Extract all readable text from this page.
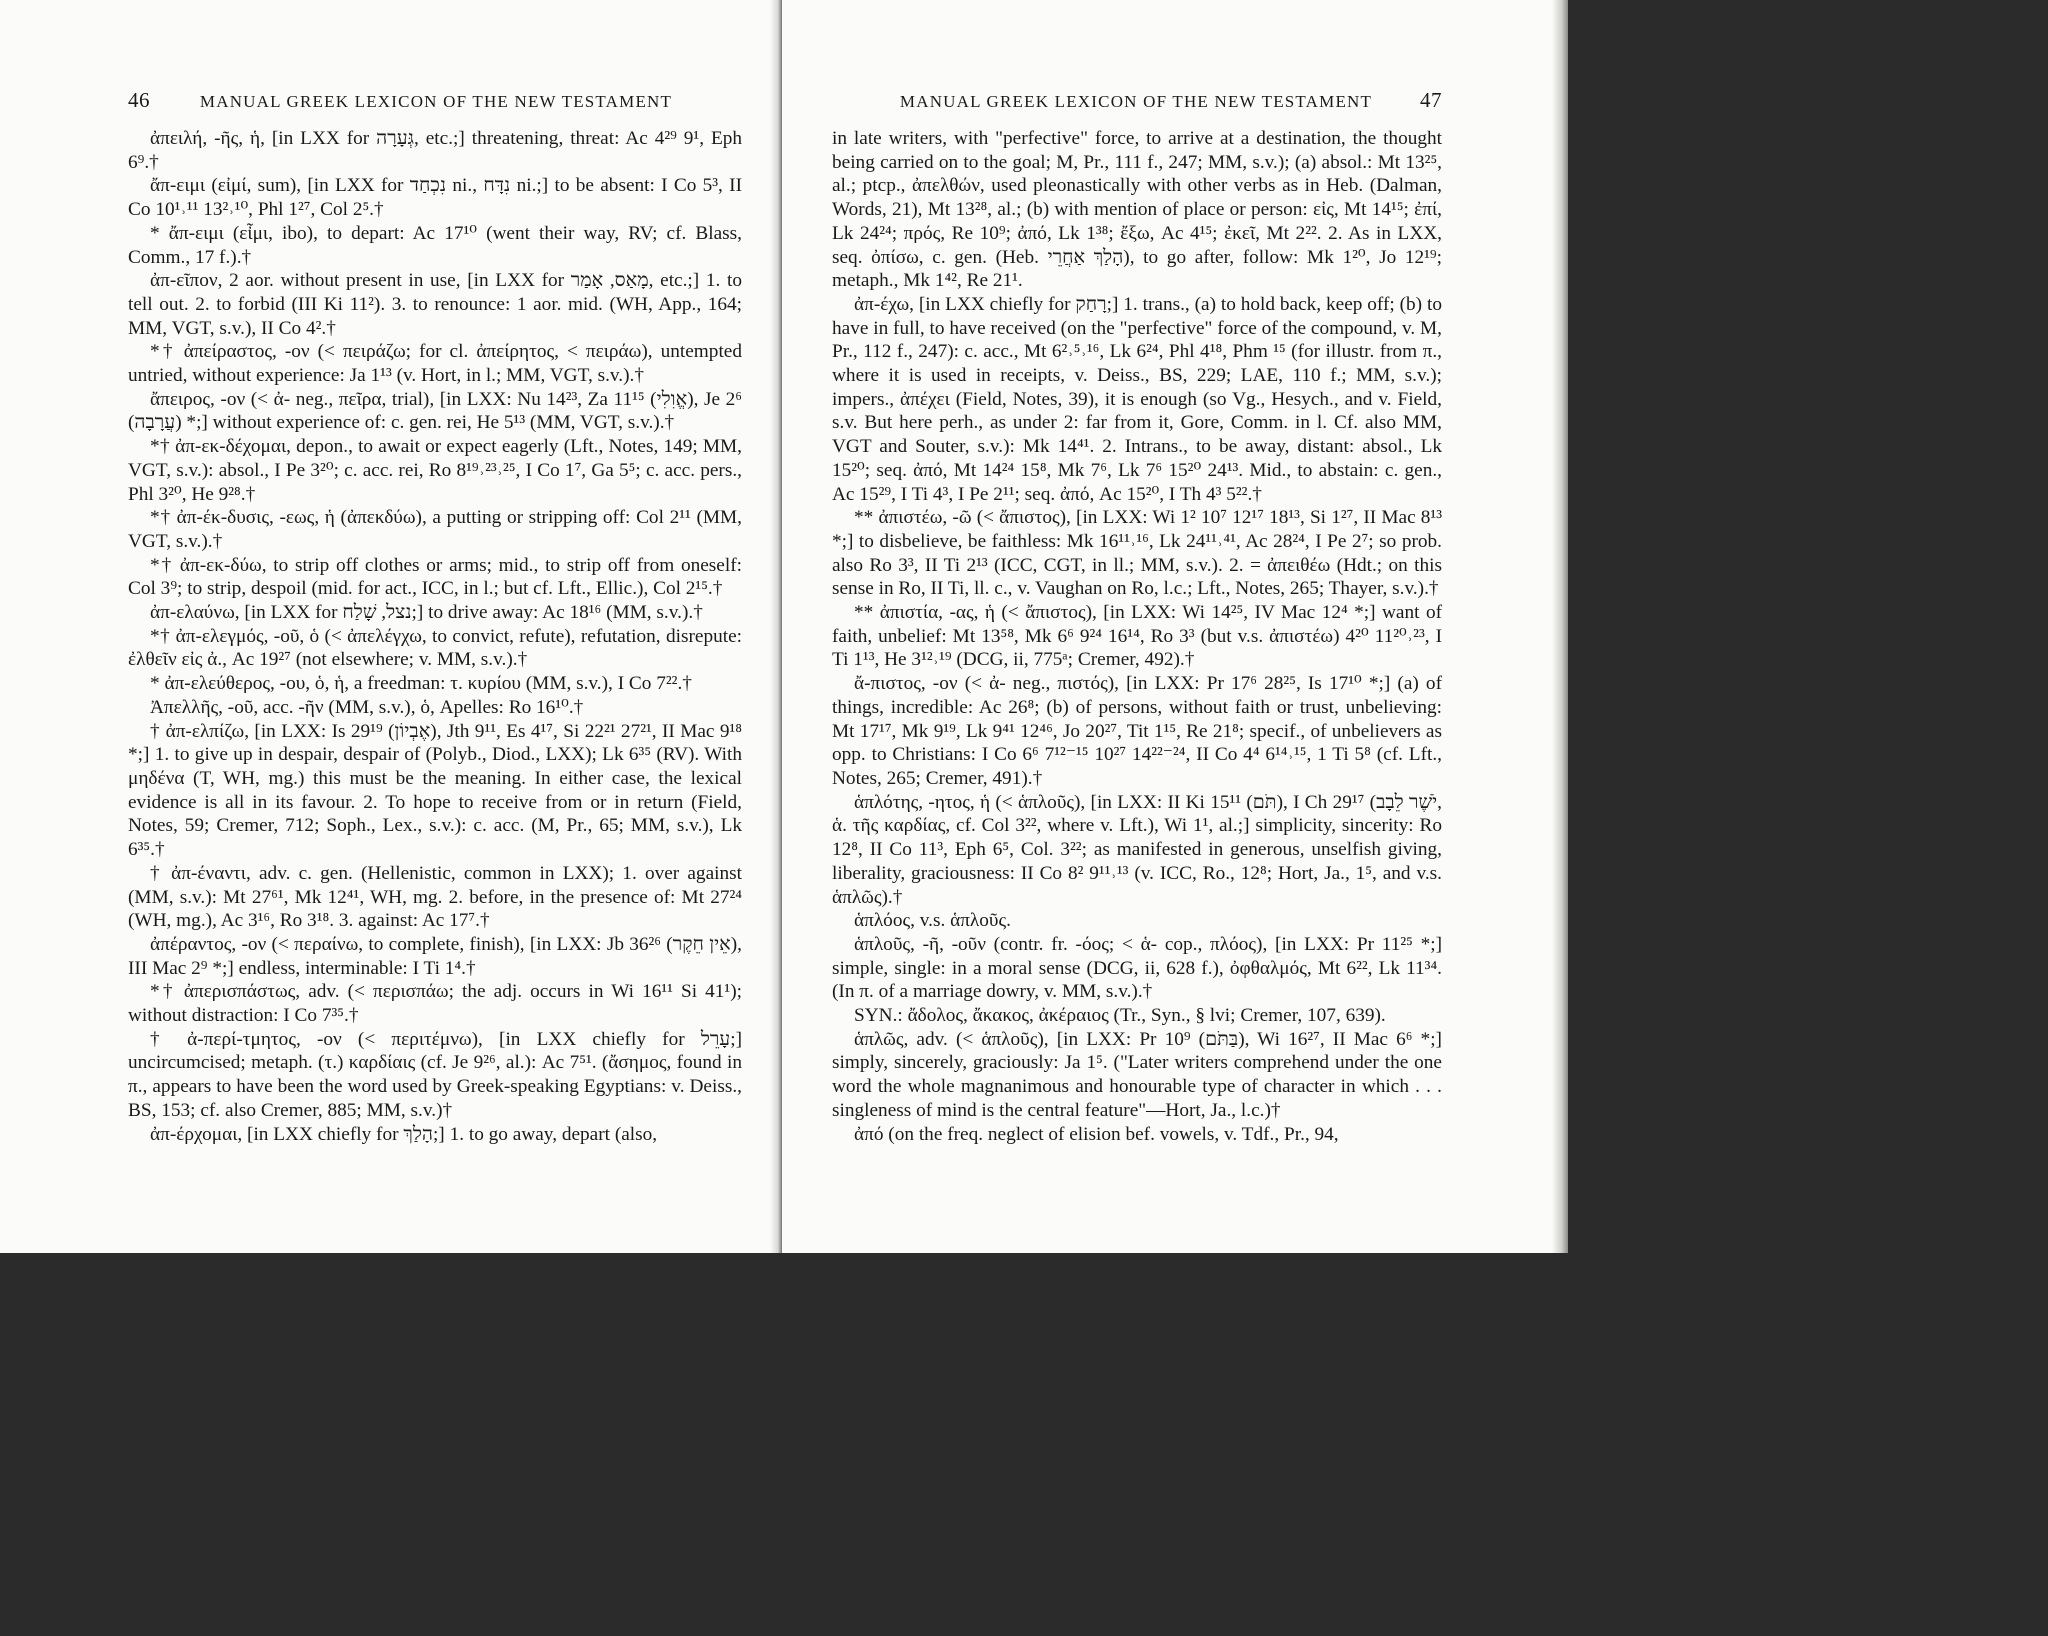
46	MANUAL GREEK LEXICON OF THE NEW TESTAMENT

ἀπειλή, -ῆς, ἡ, [in LXX for גְּעָרָה, etc.;] threatening, threat: Ac 4²⁹ 9¹, Eph 6⁹.†

ἄπ-ειμι (εἰμί, sum), [in LXX for נִכְחַד ni., נִדָּח ni.;] to be absent: I Co 5³, II Co 10¹˒¹¹ 13²˒¹⁰, Phl 1²⁷, Col 2⁵.†

* ἄπ-ειμι (εἶμι, ibo), to depart: Ac 17¹⁰ (went their way, RV; cf. Blass, Comm., 17 f.).†

ἀπ-εῖπον, 2 aor. without present in use, [in LXX for מָאַס, אָמַר, etc.;] 1. to tell out. 2. to forbid (III Ki 11²). 3. to renounce: 1 aor. mid. (WH, App., 164; MM, VGT, s.v.), II Co 4².†

*† ἀπείραστος, -ον (< πειράζω; for cl. ἀπείρητος, < πειράω), untempted untried, without experience: Ja 1¹³ (v. Hort, in l.; MM, VGT, s.v.).†

ἄπειρος, -ον (< ἀ- neg., πεῖρα, trial), [in LXX: Nu 14²³, Za 11¹⁵ (אֱוִלִי), Je 2⁶ (עֲרָבָה) *;] without experience of: c. gen. rei, He 5¹³ (MM, VGT, s.v.).†

*† ἀπ-εκ-δέχομαι, depon., to await or expect eagerly (Lft., Notes, 149; MM, VGT, s.v.): absol., I Pe 3²⁰; c. acc. rei, Ro 8¹⁹˒²³˒²⁵, I Co 1⁷, Ga 5⁵; c. acc. pers., Phl 3²⁰, He 9²⁸.†

*† ἀπ-έκ-δυσις, -εως, ἡ (ἀπεκδύω), a putting or stripping off: Col 2¹¹ (MM, VGT, s.v.).†

*† ἀπ-εκ-δύω, to strip off clothes or arms; mid., to strip off from oneself: Col 3⁹; to strip, despoil (mid. for act., ICC, in l.; but cf. Lft., Ellic.), Col 2¹⁵.†

ἀπ-ελαύνω, [in LXX for נצל, שָׁלַח;] to drive away: Ac 18¹⁶ (MM, s.v.).†

*† ἀπ-ελεγμός, -οῦ, ὁ (< ἀπελέγχω, to convict, refute), refutation, disrepute: ἐλθεῖν εἰς ἀ., Ac 19²⁷ (not elsewhere; v. MM, s.v.).†

* ἀπ-ελεύθερος, -ου, ὁ, ἡ, a freedman: τ. κυρίου (MM, s.v.), I Co 7²².†

Ἀπελλῆς, -οῦ, acc. -ῆν (MM, s.v.), ὁ, Apelles: Ro 16¹⁰.†

† ἀπ-ελπίζω, [in LXX: Is 29¹⁹ (אֶבְיוֹן), Jth 9¹¹, Es 4¹⁷, Si 22²¹ 27²¹, II Mac 9¹⁸ *;] 1. to give up in despair, despair of (Polyb., Diod., LXX); Lk 6³⁵ (RV). With μηδένα (T, WH, mg.) this must be the meaning. In either case, the lexical evidence is all in its favour. 2. To hope to receive from or in return (Field, Notes, 59; Cremer, 712; Soph., Lex., s.v.): c. acc. (M, Pr., 65; MM, s.v.), Lk 6³⁵.†

† ἀπ-έναντι, adv. c. gen. (Hellenistic, common in LXX); 1. over against (MM, s.v.): Mt 27⁶¹, Mk 12⁴¹, WH, mg. 2. before, in the presence of: Mt 27²⁴ (WH, mg.), Ac 3¹⁶, Ro 3¹⁸. 3. against: Ac 17⁷.†

ἀπέραντος, -ον (< περαίνω, to complete, finish), [in LXX: Jb 36²⁶ (אֵין חֵקֶר), III Mac 2⁹ *;] endless, interminable: I Ti 1⁴.†

*† ἀπερισπάστως, adv. (< περισπάω; the adj. occurs in Wi 16¹¹ Si 41¹); without distraction: I Co 7³⁵.†

† ἀ-περί-τμητος, -ον (< περιτέμνω), [in LXX chiefly for עָרֵל;] uncircumcised; metaph. (τ.) καρδίαις (cf. Je 9²⁶, al.): Ac 7⁵¹. (ἄσημος, found in π., appears to have been the word used by Greek-speaking Egyptians: v. Deiss., BS, 153; cf. also Cremer, 885; MM, s.v.)†

ἀπ-έρχομαι, [in LXX chiefly for הָלַךְ;] 1. to go away, depart (also,

MANUAL GREEK LEXICON OF THE NEW TESTAMENT 47

in late writers, with "perfective" force, to arrive at a destination, the thought being carried on to the goal; M, Pr., 111 f., 247; MM, s.v.); (a) absol.: Mt 13²⁵, al.; ptcp., ἀπελθών, used pleonastically with other verbs as in Heb. (Dalman, Words, 21), Mt 13²⁸, al.; (b) with mention of place or person: εἰς, Mt 14¹⁵; ἐπί, Lk 24²⁴; πρός, Re 10⁹; ἀπό, Lk 1³⁸; ἔξω, Ac 4¹⁵; ἐκεῖ, Mt 2²². 2. As in LXX, seq. ὀπίσω, c. gen. (Heb. הָלַךְ אַחֲרֵי), to go after, follow: Mk 1²⁰, Jo 12¹⁹; metaph., Mk 1⁴², Re 21¹.

ἀπ-έχω, [in LXX chiefly for רָחַק;] 1. trans., (a) to hold back, keep off; (b) to have in full, to have received (on the "perfective" force of the compound, v. M, Pr., 112 f., 247): c. acc., Mt 6²˒⁵˒¹⁶, Lk 6²⁴, Phl 4¹⁸, Phm ¹⁵ (for illustr. from π., where it is used in receipts, v. Deiss., BS, 229; LAE, 110 f.; MM, s.v.); impers., ἀπέχει (Field, Notes, 39), it is enough (so Vg., Hesych., and v. Field, s.v. But here perh., as under 2: far from it, Gore, Comm. in l. Cf. also MM, VGT and Souter, s.v.): Mk 14⁴¹. 2. Intrans., to be away, distant: absol., Lk 15²⁰; seq. ἀπό, Mt 14²⁴ 15⁸, Mk 7⁶, Lk 7⁶ 15²⁰ 24¹³. Mid., to abstain: c. gen., Ac 15²⁹, I Ti 4³, I Pe 2¹¹; seq. ἀπό, Ac 15²⁰, I Th 4³ 5²².†

** ἀπιστέω, -ῶ (< ἄπιστος), [in LXX: Wi 1² 10⁷ 12¹⁷ 18¹³, Si 1²⁷, II Mac 8¹³ *;] to disbelieve, be faithless: Mk 16¹¹˒¹⁶, Lk 24¹¹˒⁴¹, Ac 28²⁴, I Pe 2⁷; so prob. also Ro 3³, II Ti 2¹³ (ICC, CGT, in ll.; MM, s.v.). 2. = ἀπειθέω (Hdt.; on this sense in Ro, II Ti, ll. c., v. Vaughan on Ro, l.c.; Lft., Notes, 265; Thayer, s.v.).†

** ἀπιστία, -ας, ἡ (< ἄπιστος), [in LXX: Wi 14²⁵, IV Mac 12⁴ *;] want of faith, unbelief: Mt 13⁵⁸, Mk 6⁶ 9²⁴ 16¹⁴, Ro 3³ (but v.s. ἀπιστέω) 4²⁰ 11²⁰˒²³, I Ti 1¹³, He 3¹²˒¹⁹ (DCG, ii, 775ᵃ; Cremer, 492).†

ἄ-πιστος, -ον (< ἀ- neg., πιστός), [in LXX: Pr 17⁶ 28²⁵, Is 17¹⁰ *;] (a) of things, incredible: Ac 26⁸; (b) of persons, without faith or trust, unbelieving: Mt 17¹⁷, Mk 9¹⁹, Lk 9⁴¹ 12⁴⁶, Jo 20²⁷, Tit 1¹⁵, Re 21⁸; specif., of unbelievers as opp. to Christians: I Co 6⁶ 7¹²⁻¹⁵ 10²⁷ 14²²⁻²⁴, II Co 4⁴ 6¹⁴˒¹⁵, 1 Ti 5⁸ (cf. Lft., Notes, 265; Cremer, 491).†

ἁπλότης, -ητος, ἡ (< ἁπλοῦς), [in LXX: II Ki 15¹¹ (תֹּם), I Ch 29¹⁷ (יֹשֶׁר לֵבָב, ἁ. τῆς καρδίας, cf. Col 3²², where v. Lft.), Wi 1¹, al.;] simplicity, sincerity: Ro 12⁸, II Co 11³, Eph 6⁵, Col. 3²²; as manifested in generous, unselfish giving, liberality, graciousness: II Co 8² 9¹¹˒¹³ (v. ICC, Ro., 12⁸; Hort, Ja., 1⁵, and v.s. ἁπλῶς).†

ἁπλόος, v.s. ἁπλοῦς.

ἁπλοῦς, -ῆ, -οῦν (contr. fr. -όος; < ἁ- cop., πλόος), [in LXX: Pr 11²⁵ *;] simple, single: in a moral sense (DCG, ii, 628 f.), ὀφθαλμός, Mt 6²², Lk 11³⁴. (In π. of a marriage dowry, v. MM, s.v.).†

SYN.: ἄδολος, ἄκακος, ἀκέραιος (Tr., Syn., § lvi; Cremer, 107, 639).

ἁπλῶς, adv. (< ἁπλοῦς), [in LXX: Pr 10⁹ (בַּתֹּם), Wi 16²⁷, II Mac 6⁶ *;] simply, sincerely, graciously: Ja 1⁵. ("Later writers comprehend under the one word the whole magnanimous and honourable type of character in which . . . singleness of mind is the central feature"—Hort, Ja., l.c.)†

ἀπό (on the freq. neglect of elision bef. vowels, v. Tdf., Pr., 94,
